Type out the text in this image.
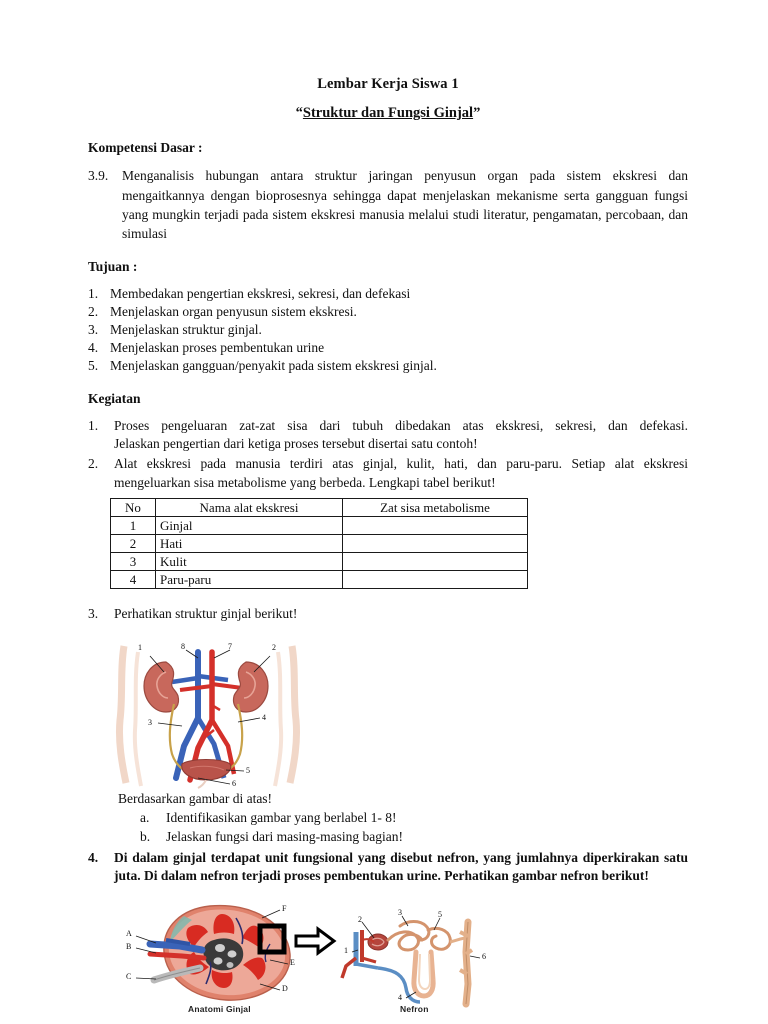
Lembar Kerja Siswa 1
“Struktur dan Fungsi Ginjal”
Kompetensi Dasar :
3.9.	Menganalisis hubungan antara struktur jaringan penyusun organ pada sistem ekskresi dan mengaitkannya dengan bioprosesnya sehingga dapat menjelaskan mekanisme serta gangguan fungsi yang mungkin terjadi pada sistem ekskresi manusia melalui studi literatur, pengamatan, percobaan, dan simulasi
Tujuan :
1. Membedakan pengertian ekskresi, sekresi, dan defekasi
2. Menjelaskan organ penyusun sistem ekskresi.
3. Menjelaskan struktur ginjal.
4. Menjelaskan proses pembentukan urine
5. Menjelaskan gangguan/penyakit pada sistem ekskresi ginjal.
Kegiatan
1.	Proses pengeluaran zat-zat sisa dari tubuh dibedakan atas ekskresi, sekresi, dan defekasi.
Jelaskan pengertian dari ketiga proses tersebut disertai satu contoh!
2.	Alat ekskresi pada manusia terdiri atas ginjal, kulit, hati, dan paru-paru. Setiap alat ekskresi
mengeluarkan sisa metabolisme yang berbeda. Lengkapi tabel berikut!
No	Nama alat ekskresi	Zat sisa metabolisme
1	Ginjal	
2	Hati	
3	Kulit	
4	Paru-paru	
3.	Perhatikan struktur ginjal berikut!
1	2
3
4
5
6
7
8
Berdasarkan gambar di atas!
a.	Identifikasikan gambar yang berlabel 1- 8!
b.	Jelaskan fungsi dari masing-masing bagian!
4.	Di dalam ginjal terdapat unit fungsional yang disebut nefron, yang jumlahnya diperkirakan satu
juta. Di dalam nefron terjadi proses pembentukan urine. Perhatikan gambar nefron berikut!
A
B
C
D
E
F
Anatomi Ginjal
1
2
3
4
5
6
Nefron
